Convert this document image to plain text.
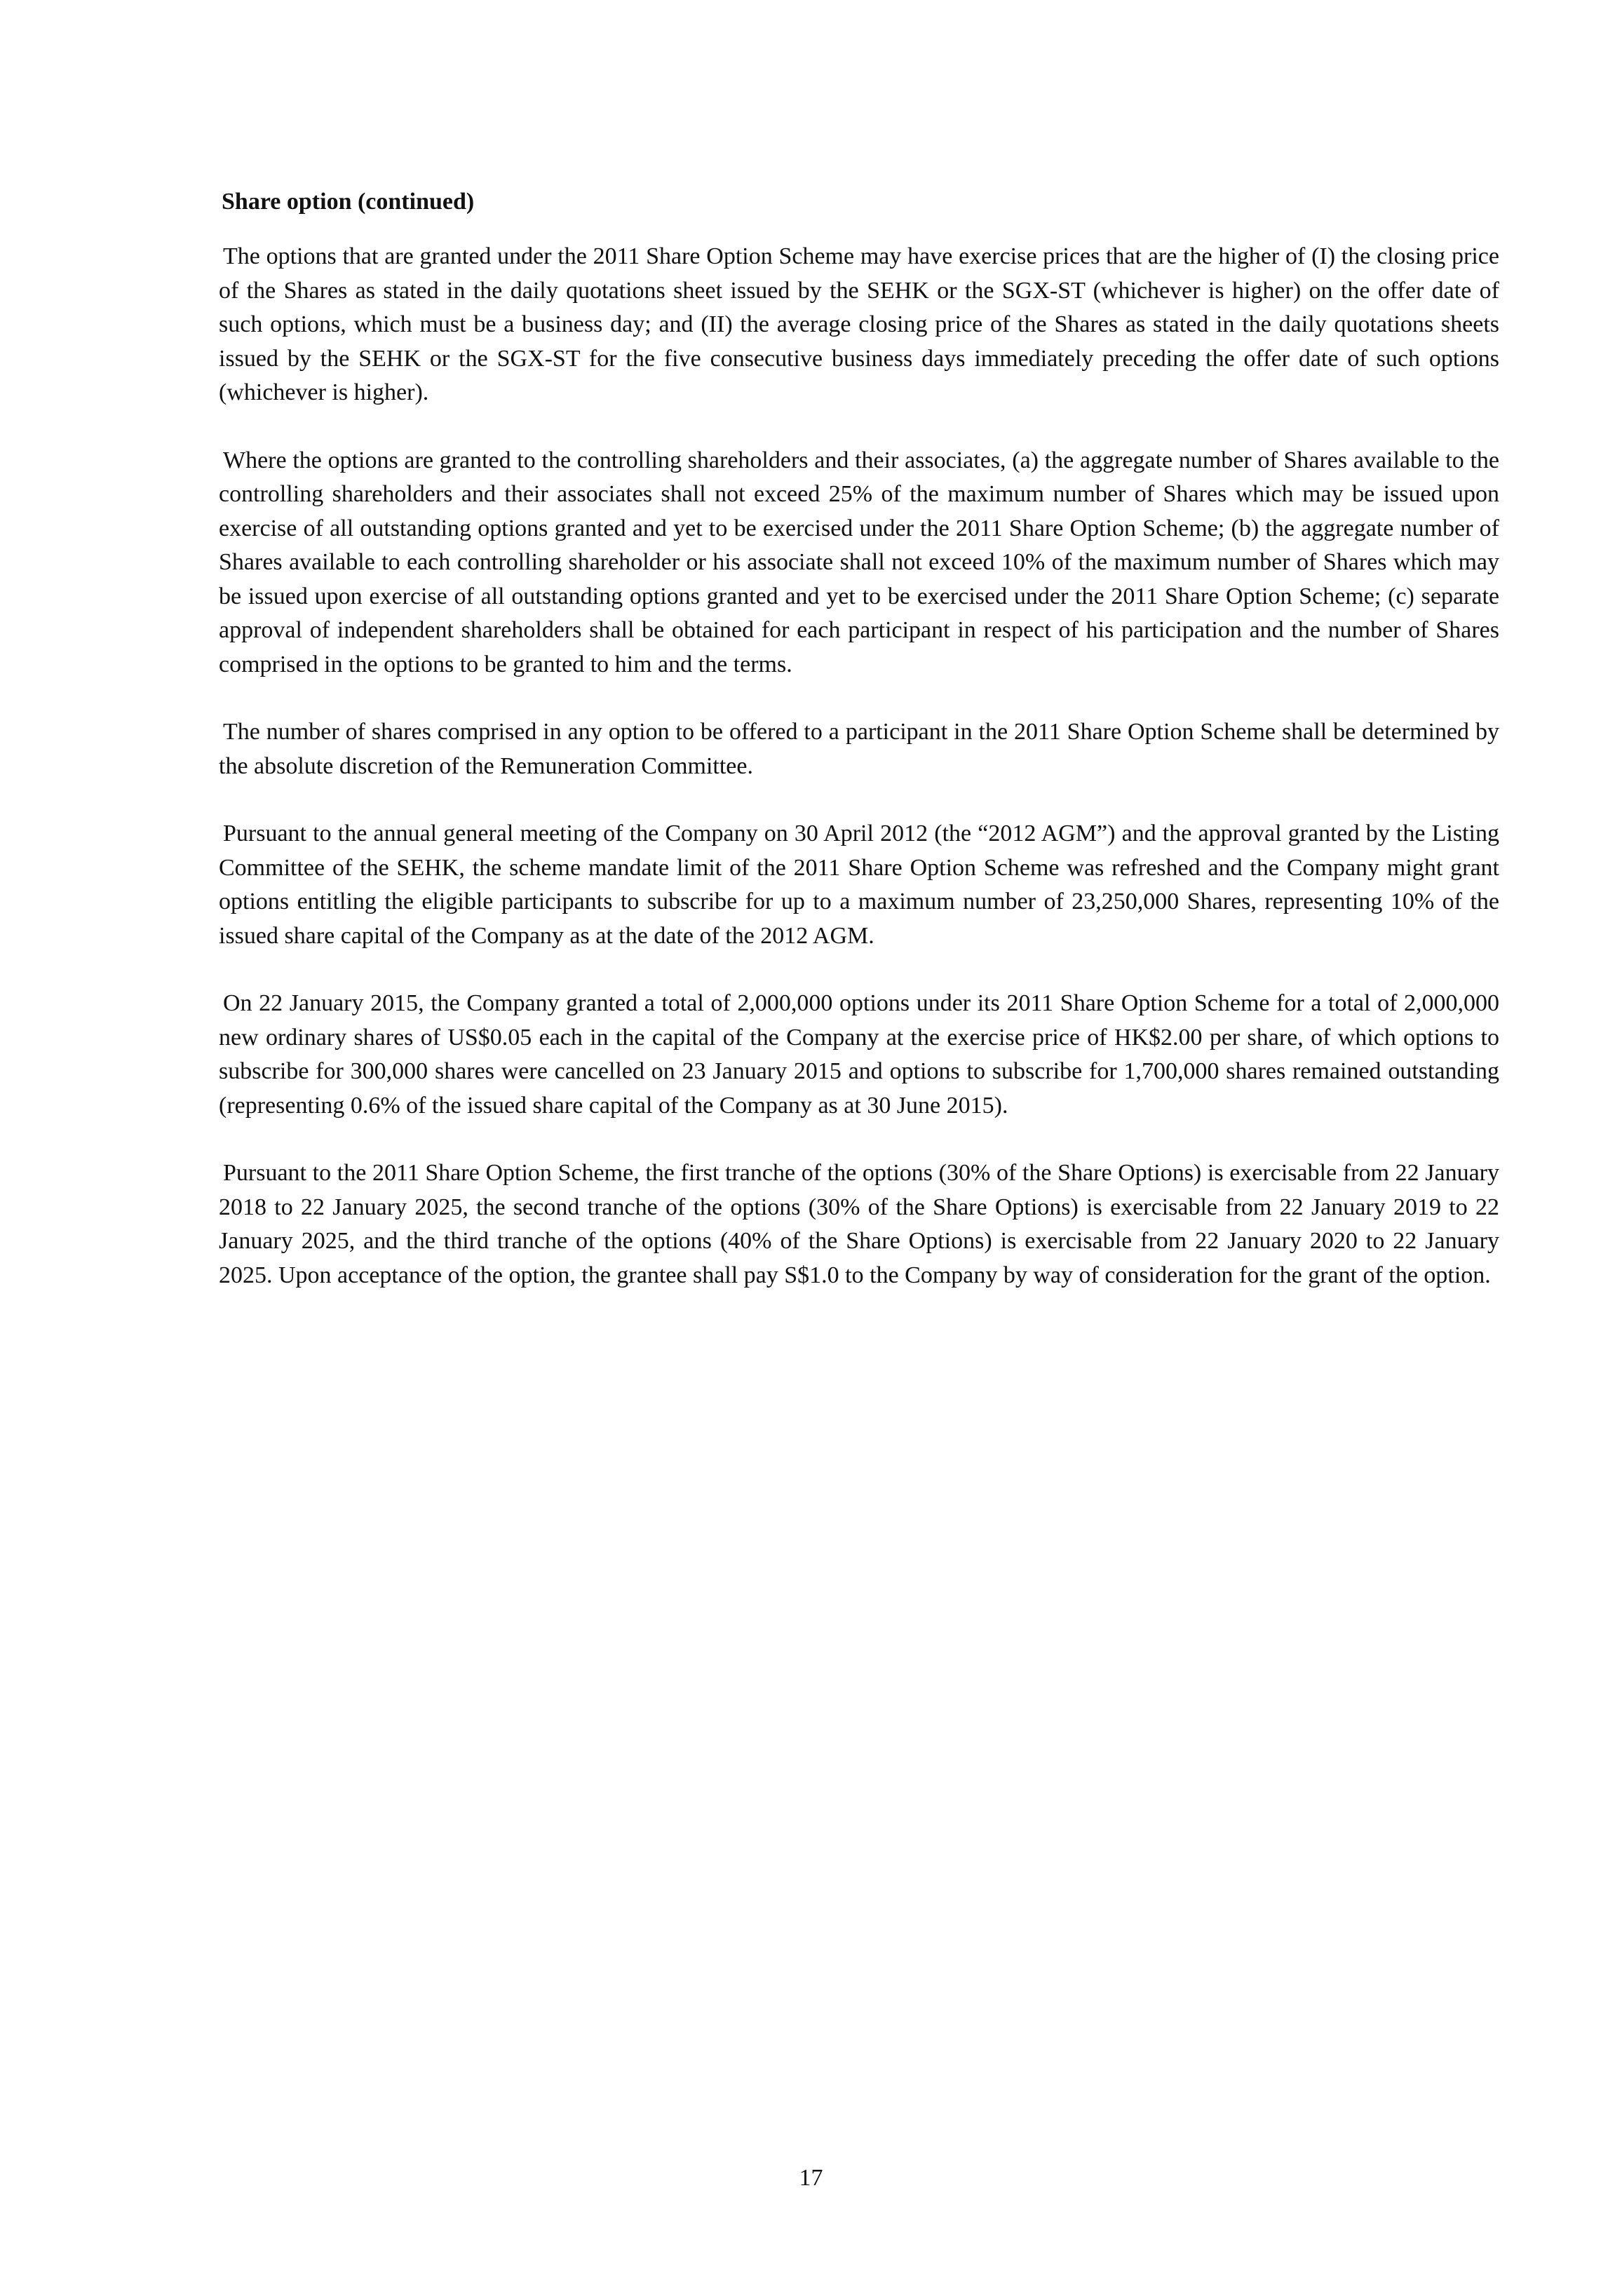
Share option (continued)

The options that are granted under the 2011 Share Option Scheme may have exercise prices that are the higher of (I) the closing price of the Shares as stated in the daily quotations sheet issued by the SEHK or the SGX-ST (whichever is higher) on the offer date of such options, which must be a business day; and (II) the average closing price of the Shares as stated in the daily quotations sheets issued by the SEHK or the SGX-ST for the five consecutive business days immediately preceding the offer date of such options (whichever is higher).

Where the options are granted to the controlling shareholders and their associates, (a) the aggregate number of Shares available to the controlling shareholders and their associates shall not exceed 25% of the maximum number of Shares which may be issued upon exercise of all outstanding options granted and yet to be exercised under the 2011 Share Option Scheme; (b) the aggregate number of Shares available to each controlling shareholder or his associate shall not exceed 10% of the maximum number of Shares which may be issued upon exercise of all outstanding options granted and yet to be exercised under the 2011 Share Option Scheme; (c) separate approval of independent shareholders shall be obtained for each participant in respect of his participation and the number of Shares comprised in the options to be granted to him and the terms.

The number of shares comprised in any option to be offered to a participant in the 2011 Share Option Scheme shall be determined by the absolute discretion of the Remuneration Committee.

Pursuant to the annual general meeting of the Company on 30 April 2012 (the “2012 AGM”) and the approval granted by the Listing Committee of the SEHK, the scheme mandate limit of the 2011 Share Option Scheme was refreshed and the Company might grant options entitling the eligible participants to subscribe for up to a maximum number of 23,250,000 Shares, representing 10% of the issued share capital of the Company as at the date of the 2012 AGM.

On 22 January 2015, the Company granted a total of 2,000,000 options under its 2011 Share Option Scheme for a total of 2,000,000 new ordinary shares of US$0.05 each in the capital of the Company at the exercise price of HK$2.00 per share, of which options to subscribe for 300,000 shares were cancelled on 23 January 2015 and options to subscribe for 1,700,000 shares remained outstanding (representing 0.6% of the issued share capital of the Company as at 30 June 2015).

Pursuant to the 2011 Share Option Scheme, the first tranche of the options (30% of the Share Options) is exercisable from 22 January 2018 to 22 January 2025, the second tranche of the options (30% of the Share Options) is exercisable from 22 January 2019 to 22 January 2025, and the third tranche of the options (40% of the Share Options) is exercisable from 22 January 2020 to 22 January 2025. Upon acceptance of the option, the grantee shall pay S$1.0 to the Company by way of consideration for the grant of the option.

17
